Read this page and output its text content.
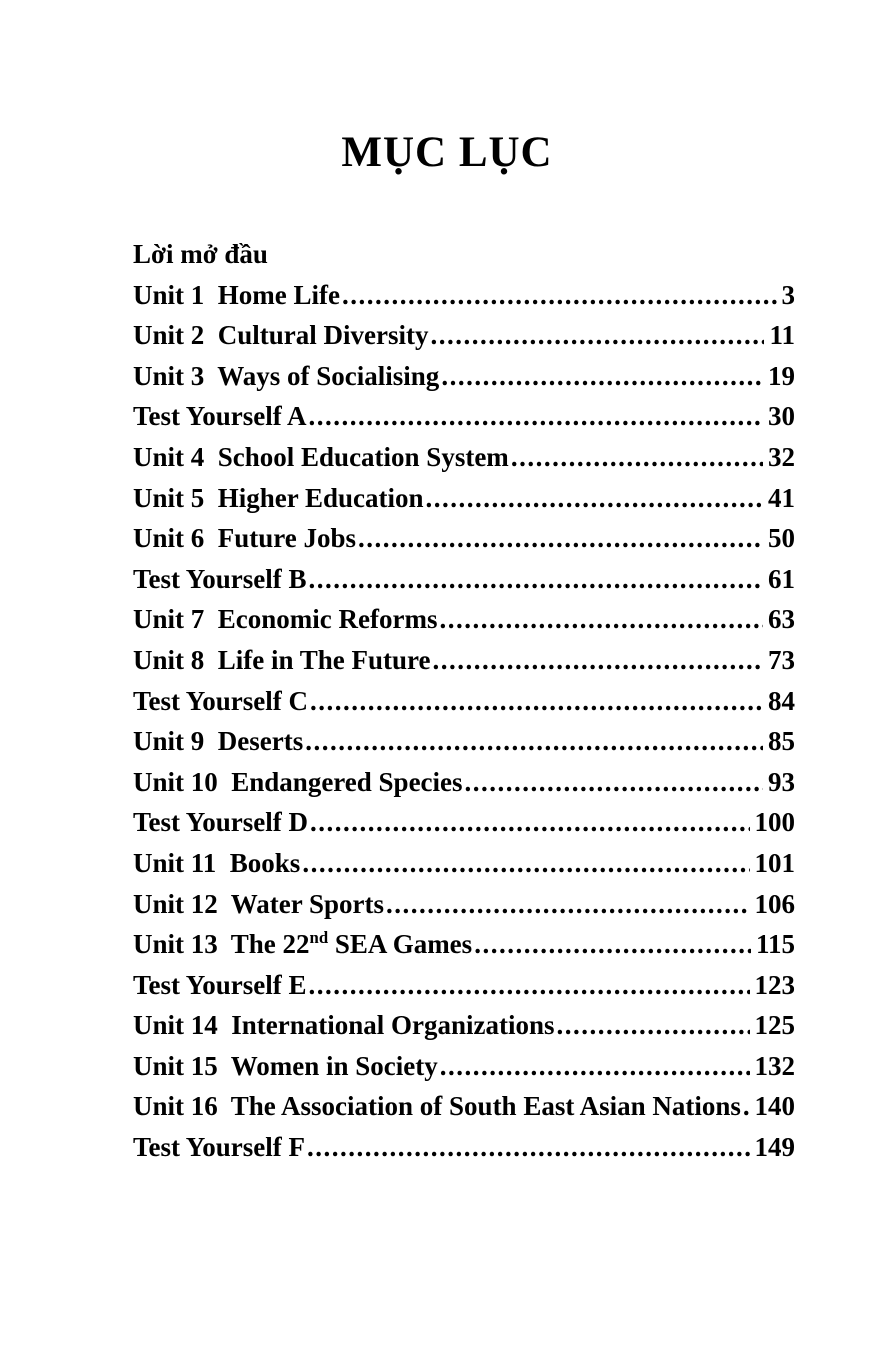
MỤC LỤC
Lời mở đầu
Unit 1  Home Life .....	3
Unit 2  Cultural Diversity .....	11
Unit 3  Ways of Socialising .....	19
Test Yourself A .....	30
Unit 4  School Education System .....	32
Unit 5  Higher Education .....	41
Unit 6  Future Jobs .....	50
Test Yourself B .....	61
Unit 7  Economic Reforms .....	63
Unit 8  Life in The Future .....	73
Test Yourself C .....	84
Unit 9  Deserts .....	85
Unit 10  Endangered Species .....	93
Test Yourself D .....	100
Unit 11  Books .....	101
Unit 12  Water Sports .....	106
Unit 13  The 22nd SEA Games .....	115
Test Yourself E .....	123
Unit 14  International Organizations .....	125
Unit 15  Women in Society .....	132
Unit 16  The Association of South East Asian Nations ..... 140
Test Yourself F .....	149
